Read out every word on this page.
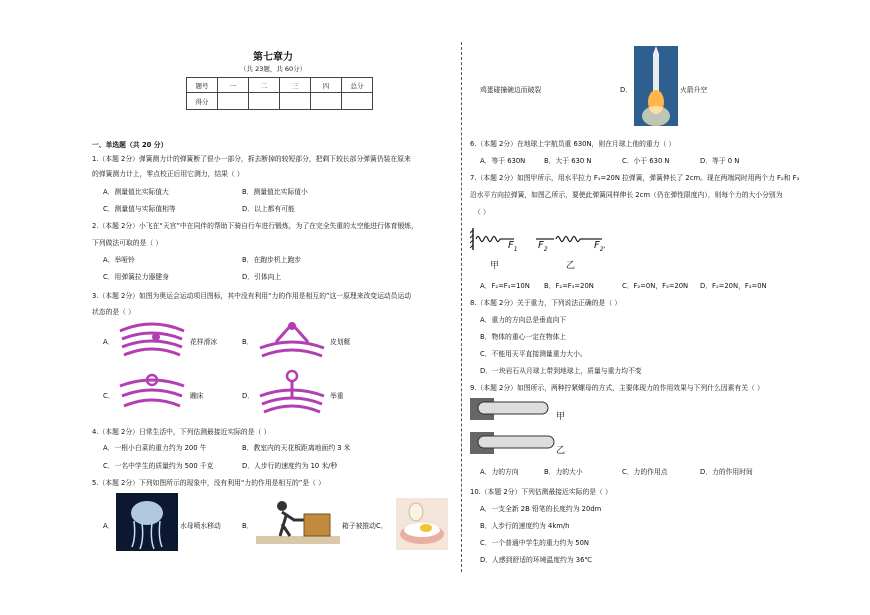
第七章力
（共 23题，共 60分）
题号	一	二	三	四	总分
得分					
一、单选题（共 20 分）
1.（本题 2分）弹簧测力计的弹簧断了很小一部分，拆去断掉的较短部分，把剩下较长部分弹簧仍装在原来
的弹簧测力计上，零点校正后用它测力，结果（ ）
A．测量值比实际值大	B．测量值比实际值小
C．测量值与实际值相等	D．以上都有可能
2.（本题 2分）小飞在“天宫”中在同伴的帮助下骑自行车进行锻炼，为了在完全失重的太空能进行体育锻炼，
下列做法可取的是（ ）
A．举哑铃	B．在跑步机上跑步
C．用弹簧拉力器健身	D．引体向上
3.（本题 2分）如图为奥运会运动项目图标，其中没有利用“力的作用是相互的”这一原理来改变运动员运动
状态的是（ ）
A．	花样滑冰	B．	皮划艇
C．	蹦床	D．	举重
4.（本题 2分）日常生活中，下列估测最接近实际的是（ ）
A．一根小白菜的重力约为 200 牛	B．教室内的天花板距离地面约 3 米
C．一名中学生的质量约为 500 千克	D．人步行的速度约为 10 米/秒
5.（本题 2分）下列如图所示的现象中，没有利用“力的作用是相互的”是（ ）
A．	水母喷水移动	B．	箱子被推动C．
鸡蛋碰撞碗边而破裂	D．	火箭升空
6.（本题 2分）在地球上宇航员重 630N，则在月球上他的重力（ ）
A．等于 630N	B．大于 630 N	C．小于 630 N	D．等于 0 N
7.（本题 2分）如图甲所示，用水平拉力 F₁=20N 拉弹簧，弹簧伸长了 2cm。现在两端同时用两个力 F₂和 F₃
沿水平方向拉弹簧，如图乙所示，要使此弹簧同样伸长 2cm（仍在弹性限度内），则每个力的大小分别为
（ ）
$F_1$ $F_2$	$F_{2'}$
甲	乙
A．F₂=F₃=10N B．F₂=F₃=20N	C．F₂=0N，F₃=20N D．F₂=20N，F₃=0N
8.（本题 2分）关于重力，下列说法正确的是（ ）
A．重力的方向总是垂直向下
B．物体的重心一定在物体上
C．不能用天平直接测量重力大小。
D．一块岩石从月球上带到地球上，质量与重力均不变
9.（本题 2分）如图所示，两种拧紧螺母的方式，主要体现力的作用效果与下列什么因素有关（ ）
甲
乙
A．力的方向	B．力的大小	C．力的作用点	D．力的作用时间
10.（本题 2分）下列估测最接近实际的是（ ）
A．一支全新 2B 铅笔的长度约为 20dm
B．人步行的速度约为 4km/h
C．一个普通中学生的重力约为 50N
D．人感到舒适的环境温度约为 36℃
